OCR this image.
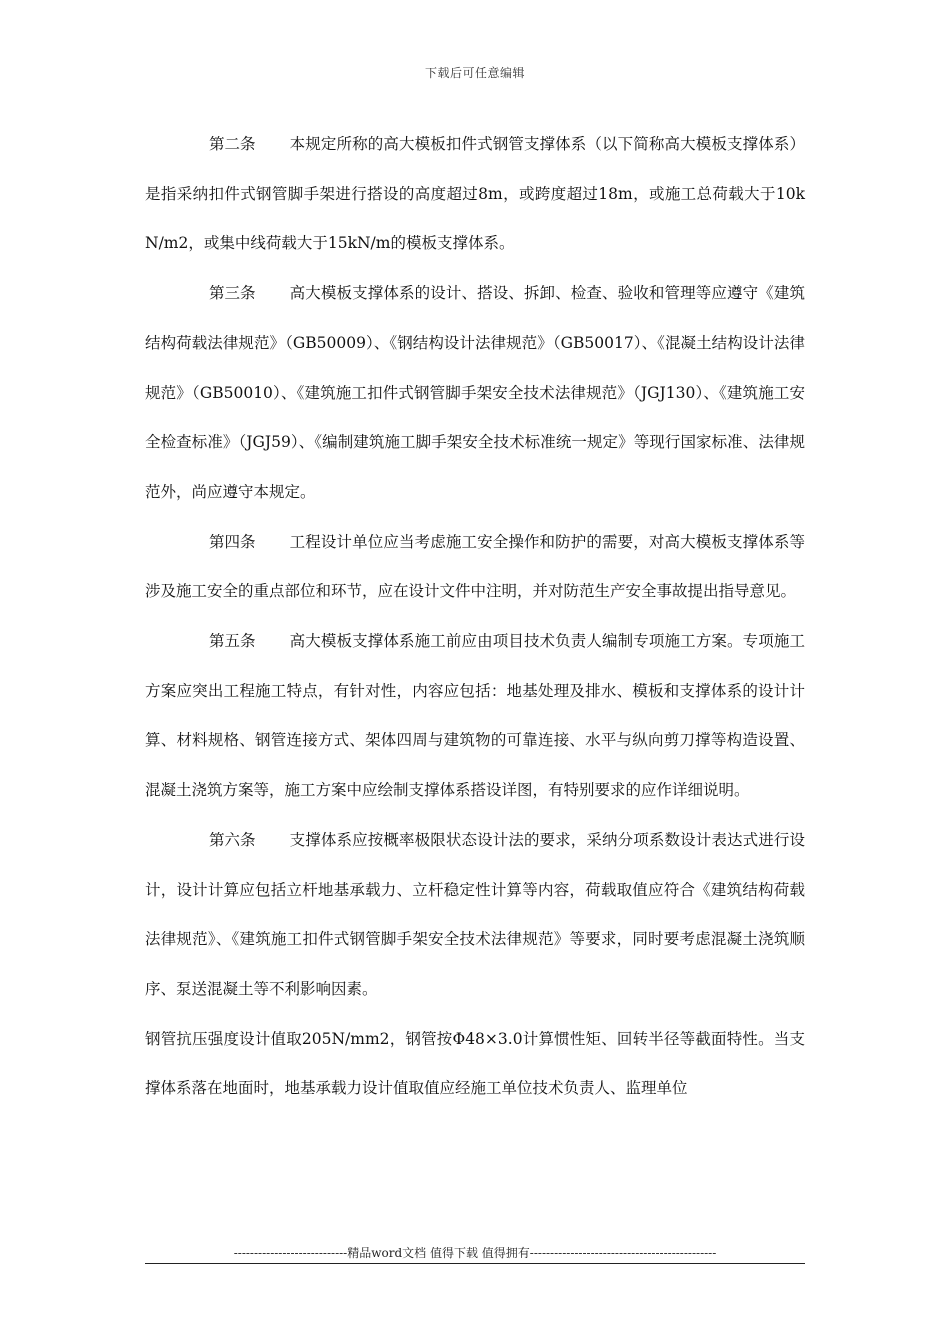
下载后可任意编辑

第二条 本规定所称的高大模板扣件式钢管支撑体系（以下简称高大模板支撑体系）是指采纳扣件式钢管脚手架进行搭设的高度超过8m，或跨度超过18m，或施工总荷载大于10kN/m2，或集中线荷载大于15kN/m的模板支撑体系。

第三条 高大模板支撑体系的设计、搭设、拆卸、检查、验收和管理等应遵守《建筑结构荷载法律规范》（GB50009）、《钢结构设计法律规范》（GB50017）、《混凝土结构设计法律规范》（GB50010）、《建筑施工扣件式钢管脚手架安全技术法律规范》（JGJ130）、《建筑施工安全检查标准》（JGJ59）、《编制建筑施工脚手架安全技术标准统一规定》等现行国家标准、法律规范外，尚应遵守本规定。

第四条 工程设计单位应当考虑施工安全操作和防护的需要，对高大模板支撑体系等涉及施工安全的重点部位和环节，应在设计文件中注明，并对防范生产安全事故提出指导意见。

第五条 高大模板支撑体系施工前应由项目技术负责人编制专项施工方案。专项施工方案应突出工程施工特点，有针对性，内容应包括：地基处理及排水、模板和支撑体系的设计计算、材料规格、钢管连接方式、架体四周与建筑物的可靠连接、水平与纵向剪刀撑等构造设置、混凝土浇筑方案等，施工方案中应绘制支撑体系搭设详图，有特别要求的应作详细说明。

第六条 支撑体系应按概率极限状态设计法的要求，采纳分项系数设计表达式进行设计，设计计算应包括立杆地基承载力、立杆稳定性计算等内容，荷载取值应符合《建筑结构荷载法律规范》、《建筑施工扣件式钢管脚手架安全技术法律规范》等要求，同时要考虑混凝土浇筑顺序、泵送混凝土等不利影响因素。

钢管抗压强度设计值取205N/mm2，钢管按Φ48×3.0计算惯性矩、回转半径等截面特性。当支撑体系落在地面时，地基承载力设计值取值应经施工单位技术负责人、监理单位

----------------------------精品word文档 值得下载 值得拥有----------------------------------------------
